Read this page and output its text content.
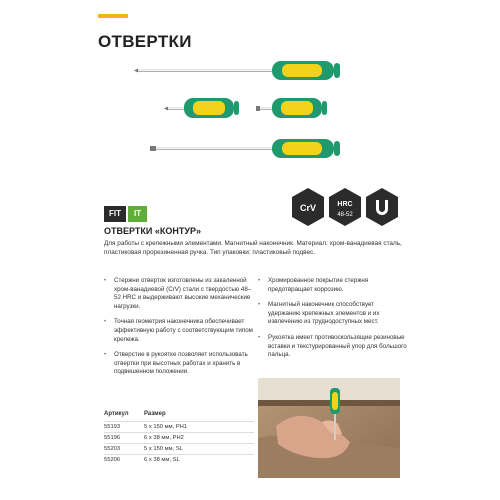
ОТВЕРТКИ
FIT	IT
CrV	HRC
48-52
ОТВЕРТКИ «КОНТУР»
Для работы с крепежными элементами. Магнитный наконечник. Материал: хром-ванадиевая сталь, пластиковая прорезиненная ручка. Тип упаковки: пластиковый подвес.
• Стержни отверток изготовлены из закаленной хром-ванадиевой (CrV) стали с твердостью 48–52 HRC и выдерживают высокие механические нагрузки.
• Точная геометрия наконечника обеспечивает эффективную работу с соответствующим типом крепежа.
• Отверстие в рукоятке позволяет использовать отвертки при высотных работах и хранить в подвешенном положении.
• Хромированное покрытие стержня предотвращает коррозию.
• Магнитный наконечник способствует удержанию крепежных элементов и их извлечению из труднодоступных мест.
• Рукоятка имеет противоскользящие резиновые вставки и текстурированный упор для большого пальца.
Артикул	Размер
55193	5 x 150 мм, PH1
55196	6 x 38 мм, PH2
55203	5 x 150 мм, SL
55206	6 x 38 мм, SL
